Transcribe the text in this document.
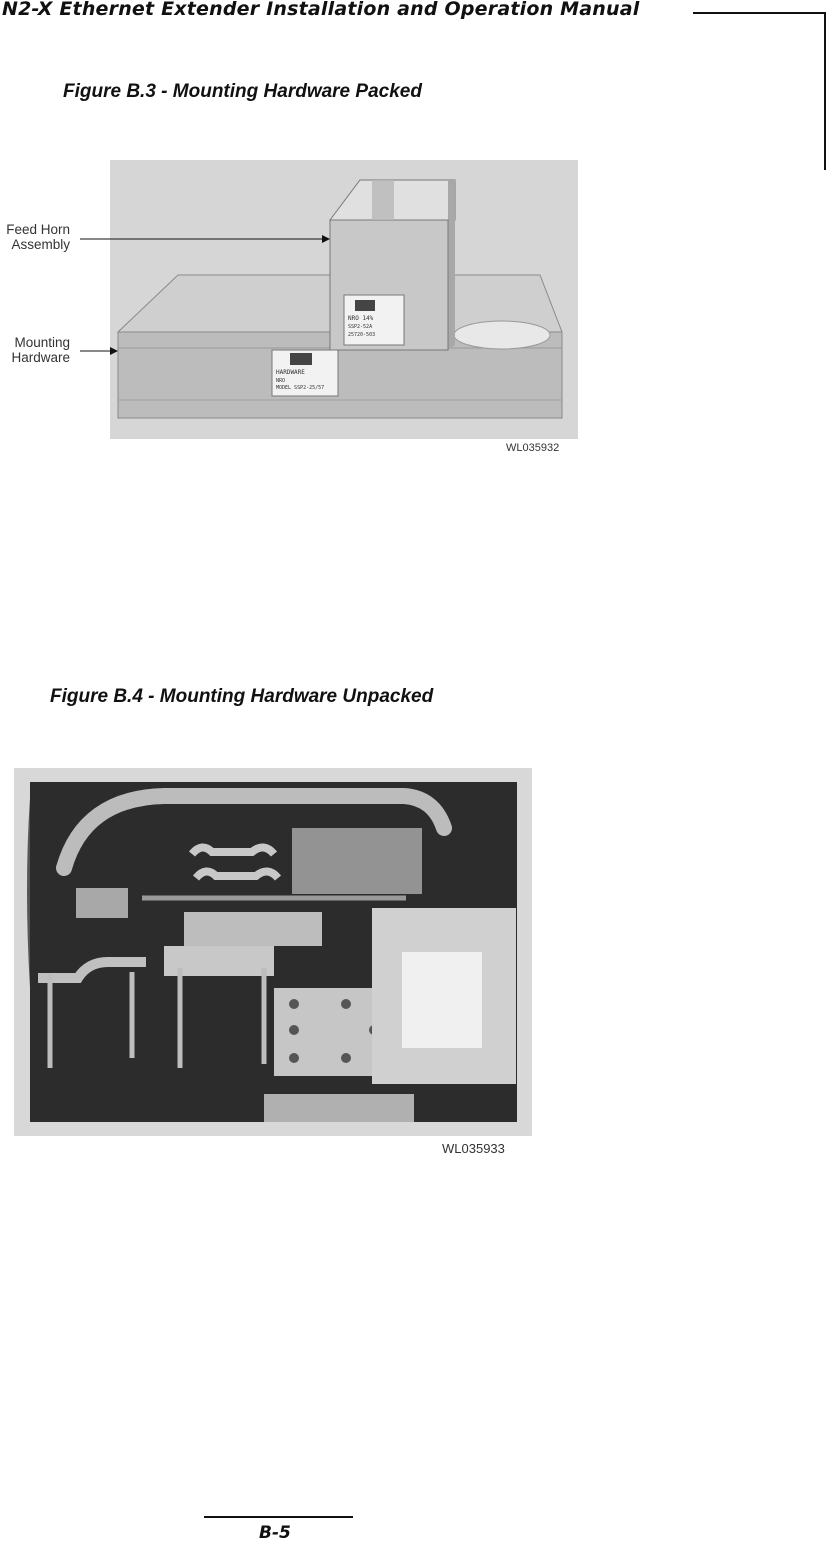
N2-X Ethernet Extender Installation and Operation Manual
Figure B.3 - Mounting Hardware Packed
HARDWARE
NRO
MODEL SSP2-25/57
NRO 14%
SSP2-52A
25720-503
Feed Horn
Assembly
Mounting
Hardware
WL035932
Figure B.4 - Mounting Hardware Unpacked
WL035933
B-5
